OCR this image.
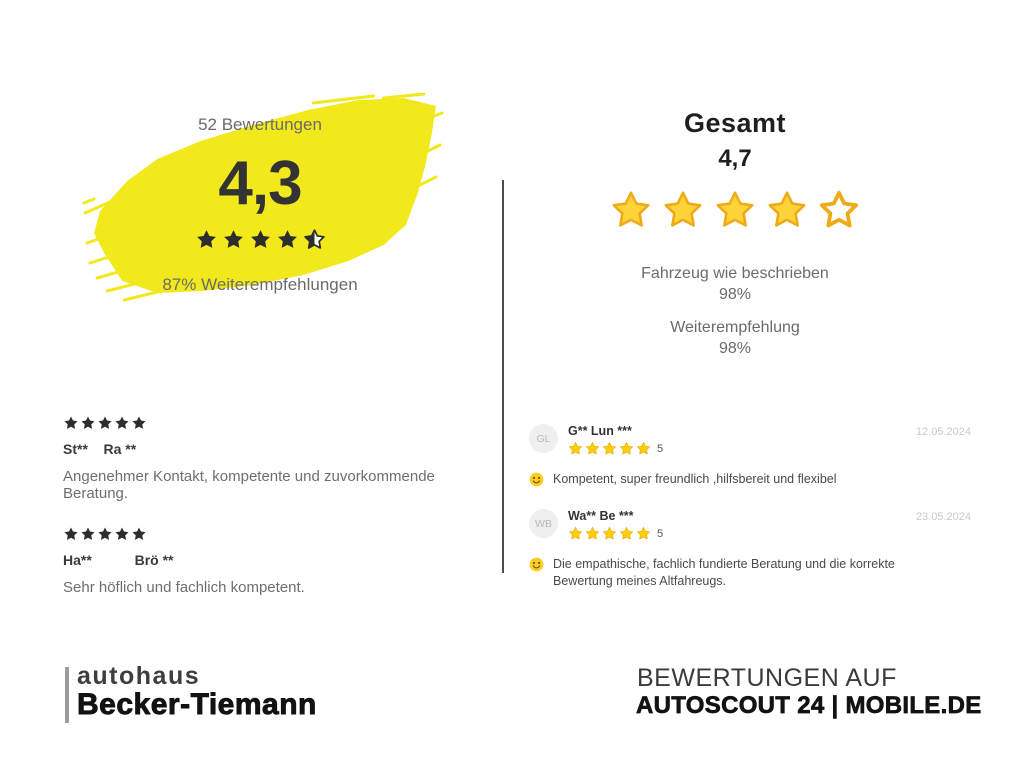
52 Bewertungen
4,3
87% Weiterempfehlungen
Gesamt
4,7
Fahrzeug wie beschrieben
98%
Weiterempfehlung
98%
St**    Ra **
Angenehmer Kontakt, kompetente und zuvorkommende Beratung.
Ha**           Brö **
Sehr höflich und fachlich kompetent.
GL
G** Lun ***
5
12.05.2024
Kompetent, super freundlich ,hilfsbereit und flexibel
WB
Wa** Be ***
5
23.05.2024
Die empathische, fachlich fundierte Beratung und die korrekte Bewertung meines Altfahreugs.
autohaus
Becker-Tiemann
BEWERTUNGEN AUF
AUTOSCOUT 24 | MOBILE.DE
